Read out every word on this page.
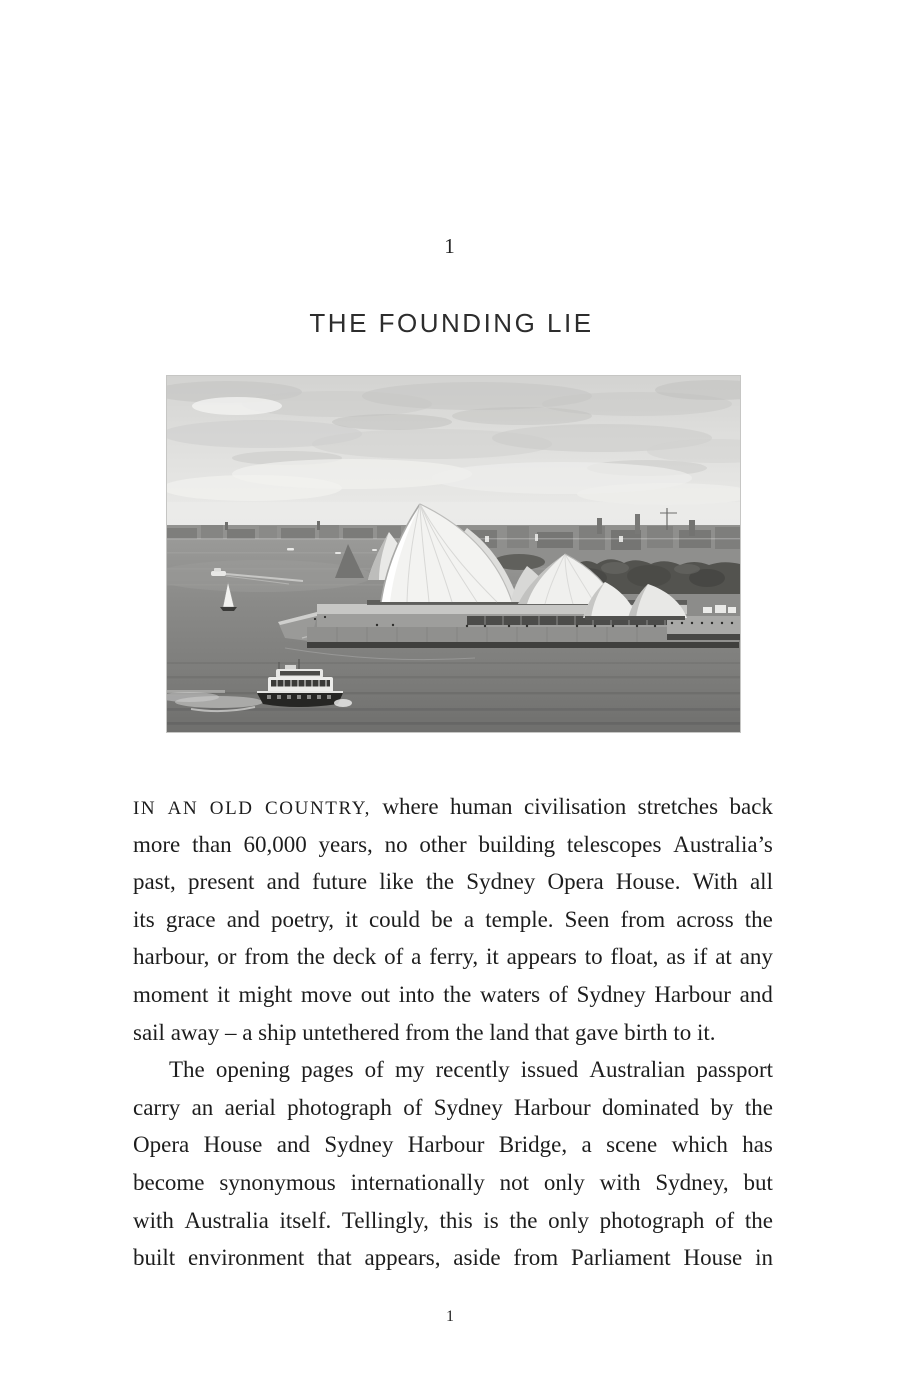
1
THE FOUNDING LIE
IN AN OLD COUNTRY, where human civilisation stretches back
more than 60,000 years, no other building telescopes Australia’s
past, present and future like the Sydney Opera House. With all
its grace and poetry, it could be a temple. Seen from across the
harbour, or from the deck of a ferry, it appears to float, as if at any
moment it might move out into the waters of Sydney Harbour and
sail away – a ship untethered from the land that gave birth to it.
The opening pages of my recently issued Australian passport
carry an aerial photograph of Sydney Harbour dominated by the
Opera House and Sydney Harbour Bridge, a scene which has
become synonymous internationally not only with Sydney, but
with Australia itself. Tellingly, this is the only photograph of the
built environment that appears, aside from Parliament House in
1
